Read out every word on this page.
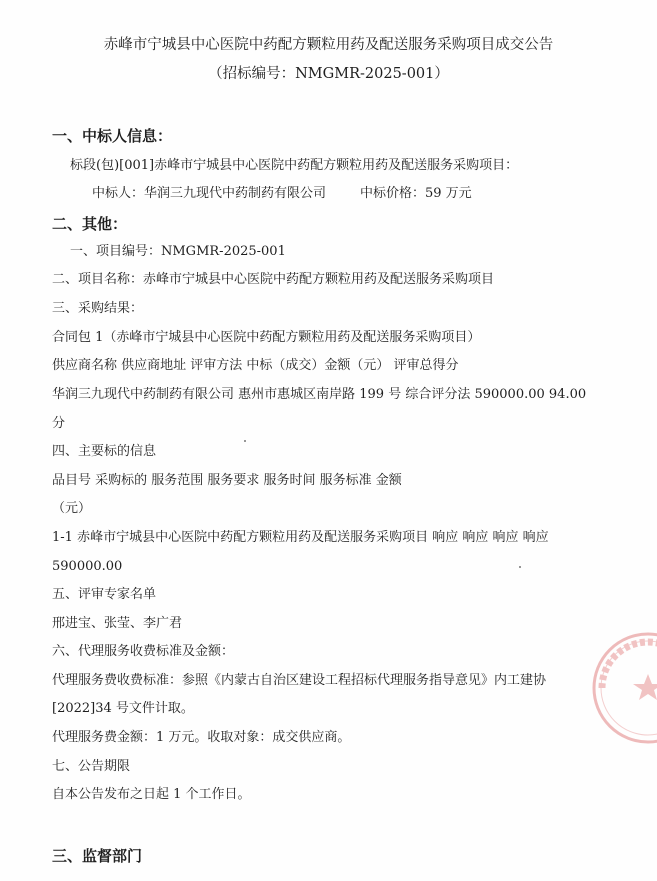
赤峰市宁城县中心医院中药配方颗粒用药及配送服务采购项目成交公告
（招标编号：NMGMR-2025-001）
一、中标人信息：
标段(包)[001]赤峰市宁城县中心医院中药配方颗粒用药及配送服务采购项目：
中标人：华润三九现代中药制药有限公司	中标价格：59 万元
二、其他：
一、项目编号：NMGMR-2025-001
二、项目名称：赤峰市宁城县中心医院中药配方颗粒用药及配送服务采购项目
三、采购结果：
合同包 1（赤峰市宁城县中心医院中药配方颗粒用药及配送服务采购项目）
供应商名称 供应商地址 评审方法 中标（成交）金额（元） 评审总得分
华润三九现代中药制药有限公司 惠州市惠城区南岸路 199 号 综合评分法 590000.00 94.00
分
四、主要标的信息
品目号 采购标的 服务范围 服务要求 服务时间 服务标准 金额
（元）
1-1 赤峰市宁城县中心医院中药配方颗粒用药及配送服务采购项目 响应 响应 响应 响应
590000.00
五、评审专家名单
邢进宝、张莹、李广君
六、代理服务收费标准及金额：
代理服务费收费标准：参照《内蒙古自治区建设工程招标代理服务指导意见》内工建协
[2022]34 号文件计取。
代理服务费金额：1 万元。收取对象：成交供应商。
七、公告期限
自本公告发布之日起 1 个工作日。
三、监督部门
